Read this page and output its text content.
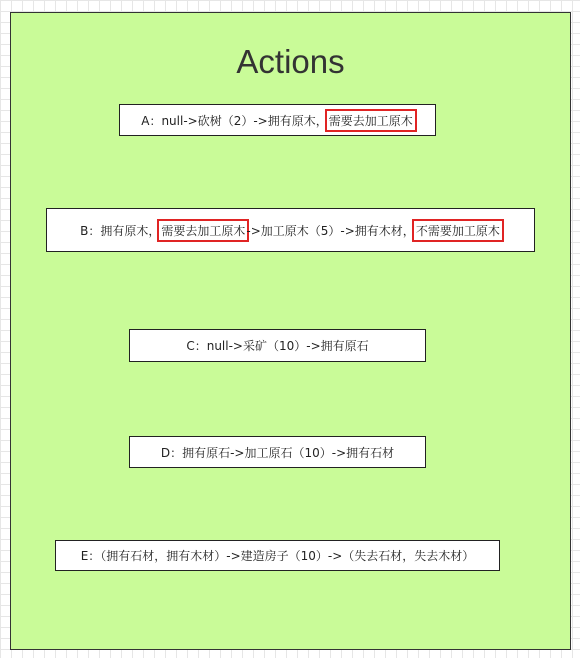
Actions
A：null->砍树（2）->拥有原木， 需要去加工原木
B：拥有原木， 需要去加工原木 ->加工原木（5）->拥有木材， 不需要加工原木
C：null->采矿（10）->拥有原石
D：拥有原石->加工原石（10）->拥有石材
E：（拥有石材，拥有木材）->建造房子（10）->（失去石材，失去木材）
